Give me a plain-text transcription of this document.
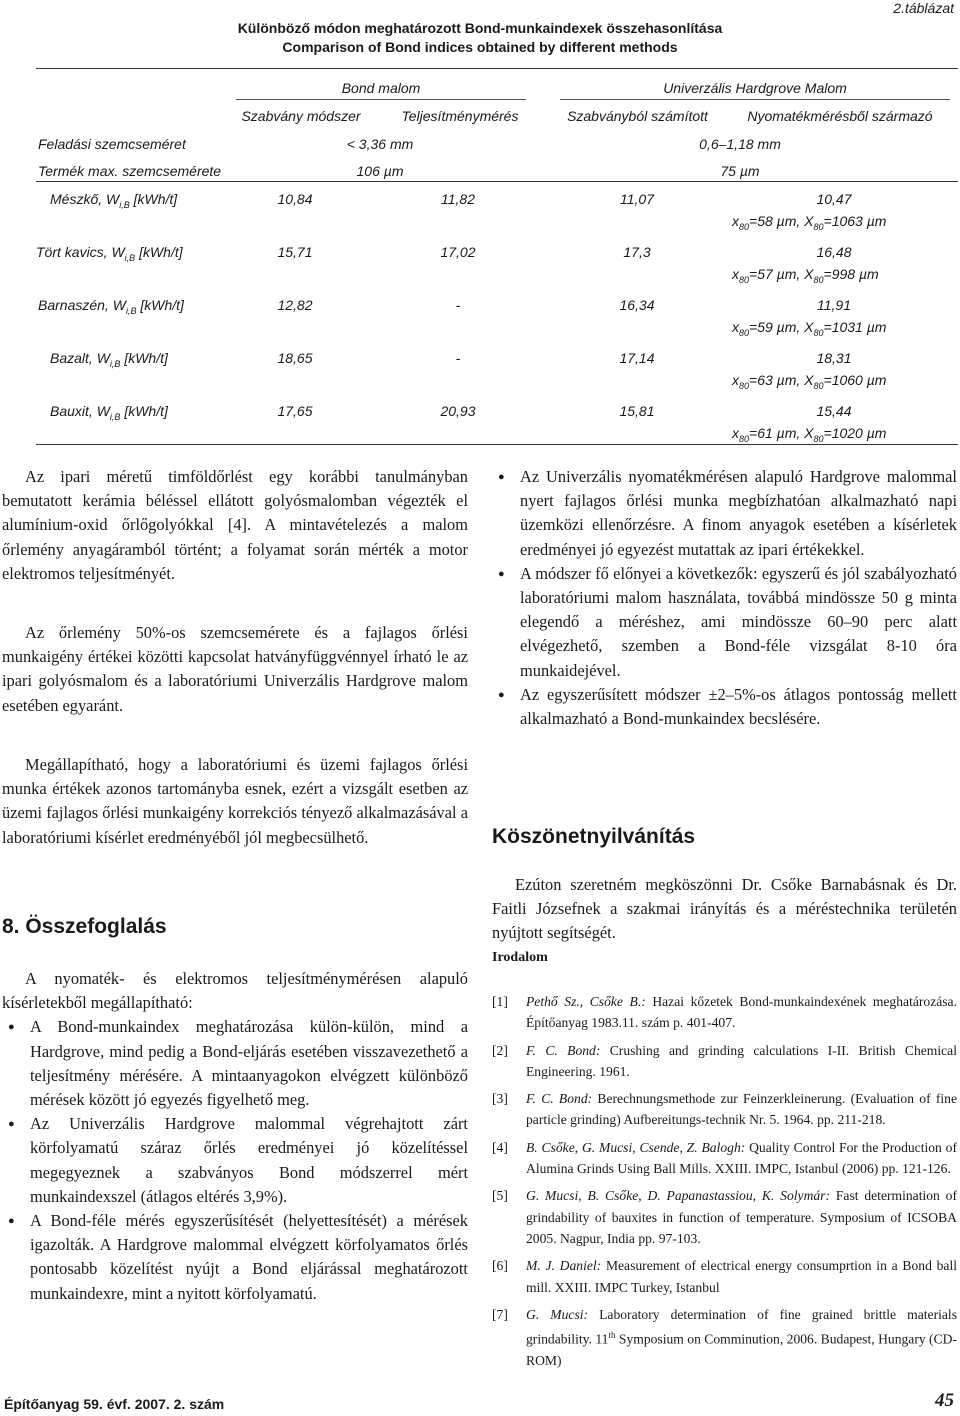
2.táblázat
Különböző módon meghatározott Bond-munkaindexek összehasonlítása
Comparison of Bond indices obtained by different methods
Bond malom	Univerzális Hardgrove Malom
Szabvány módszer	Teljesítménymérés	Szabványból számított	Nyomatékmérésből származó
Feladási szemcseméret	< 3,36 mm	0,6–1,18 mm
Termék max. szemcsemérete	106 µm	75 µm
Mészkő, $W_{i,B}$ [kWh/t]	10,84	11,82	11,07	10,47
$x_{80}=58$ µm, $X_{80}=1063$ µm
Tört kavics, $W_{i,B}$ [kWh/t]	15,71	17,02	17,3	16,48
$x_{80}=57$ µm, $X_{80}=998$ µm
Barnaszén, $W_{i,B}$ [kWh/t]	12,82	-	16,34	11,91
$x_{80}=59$ µm, $X_{80}=1031$ µm
Bazalt, $W_{i,B}$ [kWh/t]	18,65	-	17,14	18,31
$x_{80}=63$ µm, $X_{80}=1060$ µm
Bauxit, $W_{i,B}$ [kWh/t]	17,65	20,93	15,81	15,44
$x_{80}=61$ µm, $X_{80}=1020$ µm

Az ipari méretű timföldőrlést egy korábbi tanulmányban bemutatott kerámia béléssel ellátott golyósmalomban végezték el alumínium-oxid őrlőgolyókkal [4]. A mintavételezés a malom őrlemény anyagáramból történt; a folyamat során mérték a motor elektromos teljesítményét.

Az őrlemény 50%-os szemcsemérete és a fajlagos őrlési munkaigény értékei közötti kapcsolat hatványfüggvénnyel írható le az ipari golyósmalom és a laboratóriumi Univerzális Hardgrove malom esetében egyaránt.

Megállapítható, hogy a laboratóriumi és üzemi fajlagos őrlési munka értékek azonos tartományba esnek, ezért a vizsgált esetben az üzemi fajlagos őrlési munkaigény korrekciós tényező alkalmazásával a laboratóriumi kísérlet eredményéből jól megbecsülhető.

8. Összefoglalás

A nyomaték- és elektromos teljesítménymérésen alapuló kísérletekből megállapítható:

● A Bond-munkaindex meghatározása külön-külön, mind a Hardgrove, mind pedig a Bond-eljárás esetében visszavezethető a teljesítmény mérésére. A mintaanyagokon elvégzett különböző mérések között jó egyezés figyelhető meg.
● Az Univerzális Hardgrove malommal végrehajtott zárt körfolyamatú száraz őrlés eredményei jó közelítéssel megegyeznek a szabványos Bond módszerrel mért munkaindexszel (átlagos eltérés 3,9%).
● A Bond-féle mérés egyszerűsítését (helyettesítését) a mérések igazolták. A Hardgrove malommal elvégzett körfolyamatos őrlés pontosabb közelítést nyújt a Bond eljárással meghatározott munkaindexre, mint a nyitott körfolyamatú.
● Az Univerzális nyomatékmérésen alapuló Hardgrove malommal nyert fajlagos őrlési munka megbízhatóan alkalmazható napi üzemközi ellenőrzésre. A finom anyagok esetében a kísérletek eredményei jó egyezést mutattak az ipari értékekkel.
● A módszer fő előnyei a következők: egyszerű és jól szabályozható laboratóriumi malom használata, továbbá mindössze 50 g minta elegendő a méréshez, ami mindössze 60–90 perc alatt elvégezhető, szemben a Bond-féle vizsgálat 8-10 óra munkaidejével.
● Az egyszerűsített módszer ±2–5%-os átlagos pontosság mellett alkalmazható a Bond-munkaindex becslésére.
Köszönetnyilvánítás

Ezúton szeretném megköszönni Dr. Csőke Barnabásnak és Dr. Faitli Józsefnek a szakmai irányítás és a méréstechnika területén nyújtott segítségét.

Irodalom
[1]	Pethő Sz., Csőke B.: Hazai kőzetek Bond-munkaindexének meghatározása. Építőanyag 1983.11. szám p. 401-407.
[2]	F. C. Bond: Crushing and grinding calculations I-II. British Chemical Engineering. 1961.
[3]	F. C. Bond: Berechnungsmethode zur Feinzerkleinerung. (Evaluation of fine particle grinding) Aufbereitungs-technik Nr. 5. 1964. pp. 211-218.
[4]	B. Csőke, G. Mucsi, Csende, Z. Balogh: Quality Control For the Production of Alumina Grinds Using Ball Mills. XXIII. IMPC, Istanbul (2006) pp. 121-126.
[5]	G. Mucsi, B. Csőke, D. Papanastassiou, K. Solymár: Fast determination of grindability of bauxites in function of temperature. Symposium of ICSOBA 2005. Nagpur, India pp. 97-103.
[6]	M. J. Daniel: Measurement of electrical energy consumprtion in a Bond ball mill. XXIII. IMPC Turkey, Istanbul
[7]	G. Mucsi: Laboratory determination of fine grained brittle materials grindability. 11th Symposium on Comminution, 2006. Budapest, Hungary (CD-ROM)
Építőanyag 59. évf. 2007. 2. szám	45
